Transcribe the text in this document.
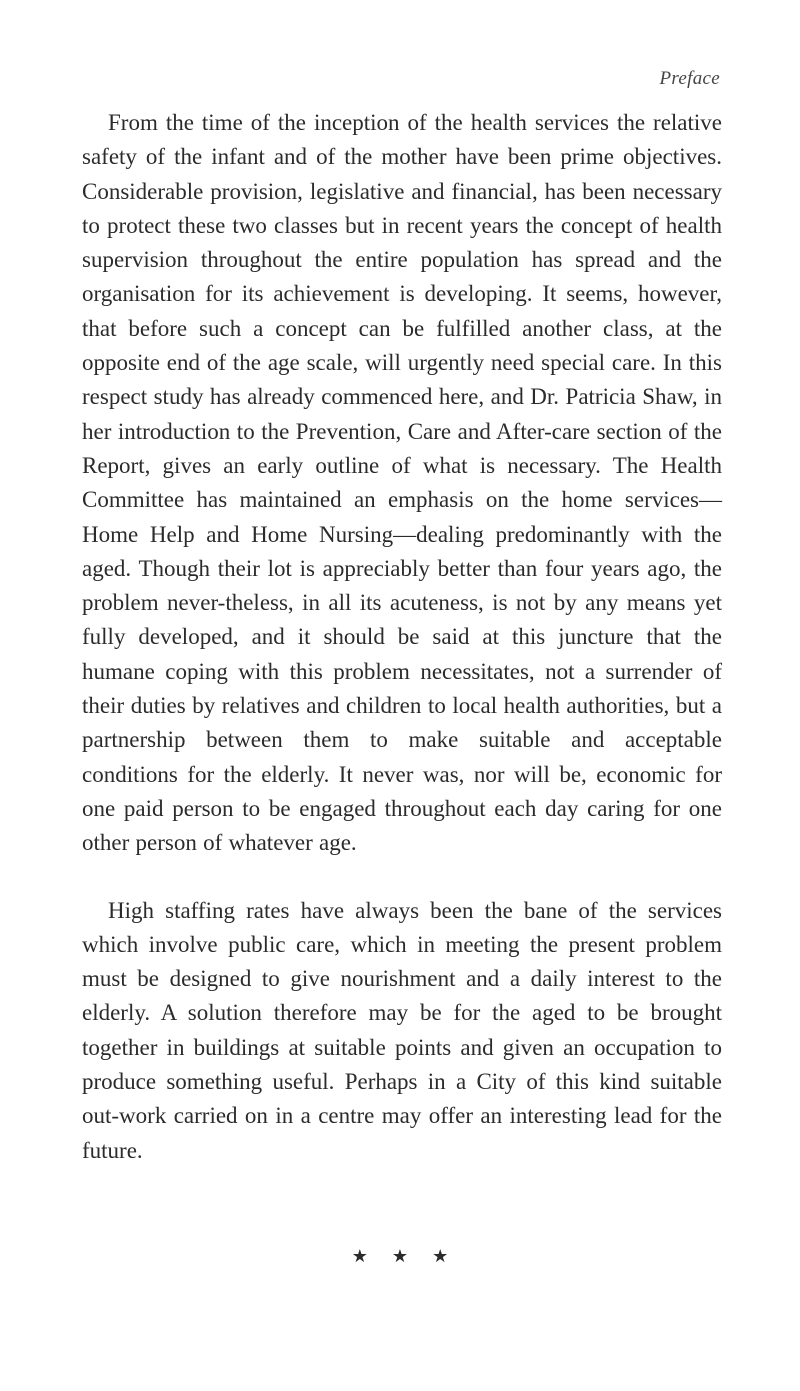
Preface

From the time of the inception of the health services the relative safety of the infant and of the mother have been prime objectives. Considerable provision, legislative and financial, has been necessary to protect these two classes but in recent years the concept of health supervision throughout the entire population has spread and the organisation for its achievement is developing. It seems, however, that before such a concept can be fulfilled another class, at the opposite end of the age scale, will urgently need special care. In this respect study has already commenced here, and Dr. Patricia Shaw, in her introduction to the Prevention, Care and After-care section of the Report, gives an early outline of what is necessary. The Health Committee has maintained an emphasis on the home services—Home Help and Home Nursing—dealing predominantly with the aged. Though their lot is appreciably better than four years ago, the problem never-theless, in all its acuteness, is not by any means yet fully developed, and it should be said at this juncture that the humane coping with this problem necessitates, not a surrender of their duties by relatives and children to local health authorities, but a partnership between them to make suitable and acceptable conditions for the elderly. It never was, nor will be, economic for one paid person to be engaged throughout each day caring for one other person of whatever age.

High staffing rates have always been the bane of the services which involve public care, which in meeting the present problem must be designed to give nourishment and a daily interest to the elderly. A solution therefore may be for the aged to be brought together in buildings at suitable points and given an occupation to produce something useful. Perhaps in a City of this kind suitable out-work carried on in a centre may offer an interesting lead for the future.

★★★
